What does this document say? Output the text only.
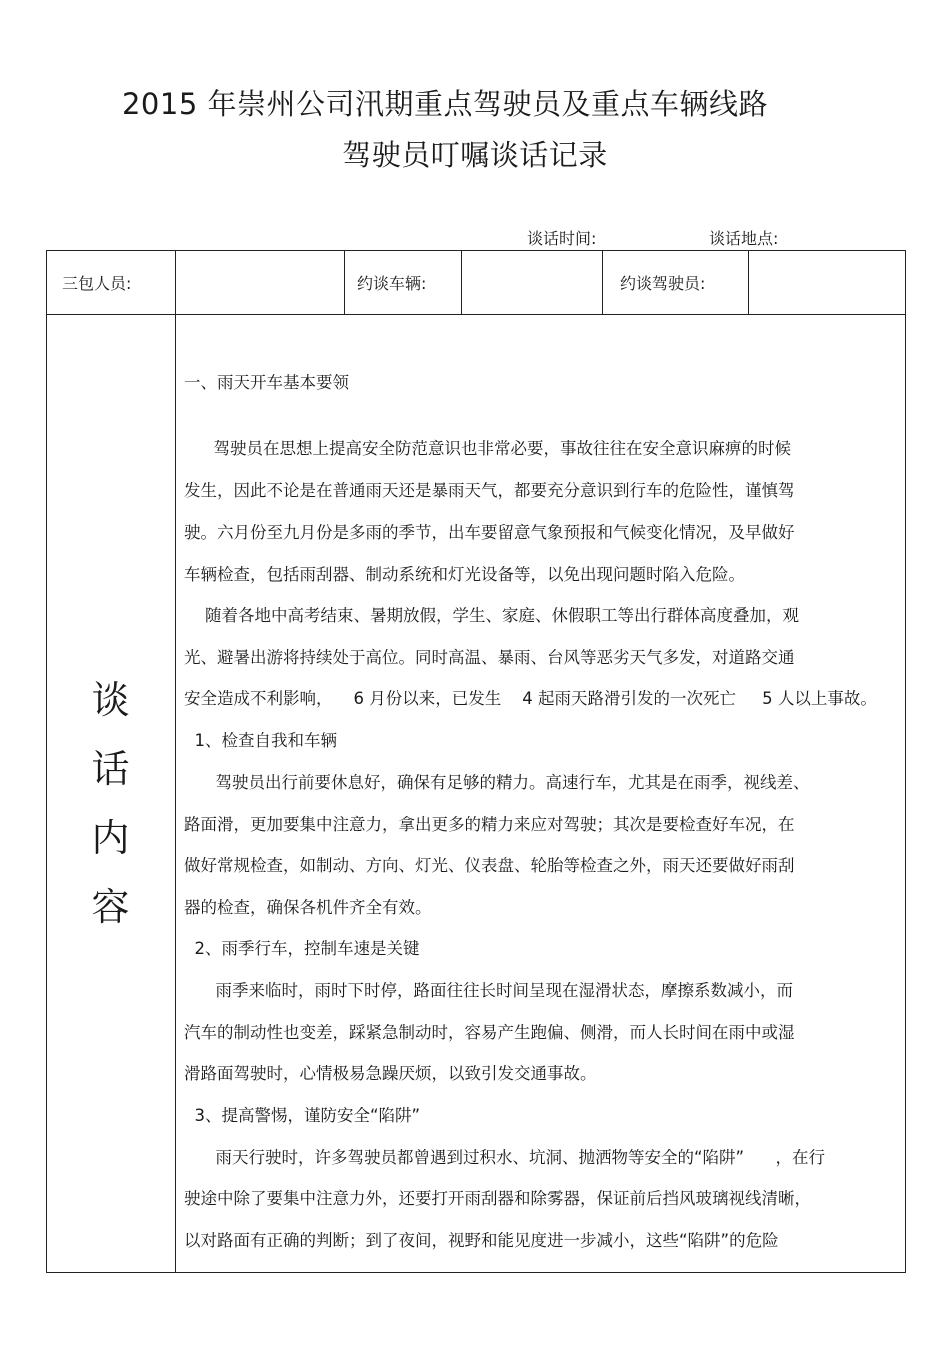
2015 年崇州公司汛期重点驾驶员及重点车辆线路
驾驶员叮嘱谈话记录
谈话时间:	谈话地点:
三包人员:	约谈车辆:	约谈驾驶员:
谈
话
内
容
一、雨天开车基本要领
驾驶员在思想上提高安全防范意识也非常必要，事故往往在安全意识麻痹的时候
发生，因此不论是在普通雨天还是暴雨天气，都要充分意识到行车的危险性，谨慎驾
驶。六月份至九月份是多雨的季节，出车要留意气象预报和气候变化情况，及早做好
车辆检查，包括雨刮器、制动系统和灯光设备等，以免出现问题时陷入危险。
随着各地中高考结束、暑期放假，学生、家庭、休假职工等出行群体高度叠加，观
光、避暑出游将持续处于高位。同时高温、暴雨、台风等恶劣天气多发，对道路交通
安全造成不利影响，    6 月份以来，已发生    4 起雨天路滑引发的一次死亡     5 人以上事故。
1、检查自我和车辆
驾驶员出行前要休息好，确保有足够的精力。高速行车，尤其是在雨季，视线差、
路面滑，更加要集中注意力，拿出更多的精力来应对驾驶；其次是要检查好车况，在
做好常规检查，如制动、方向、灯光、仪表盘、轮胎等检查之外，雨天还要做好雨刮
器的检查，确保各机件齐全有效。
2、雨季行车，控制车速是关键
雨季来临时，雨时下时停，路面往往长时间呈现在湿滑状态，摩擦系数减小，而
汽车的制动性也变差，踩紧急制动时，容易产生跑偏、侧滑，而人长时间在雨中或湿
滑路面驾驶时，心情极易急躁厌烦，以致引发交通事故。
3、提高警惕，谨防安全“陷阱”
雨天行驶时，许多驾驶员都曾遇到过积水、坑洞、抛洒物等安全的“陷阱”      ，在行
驶途中除了要集中注意力外，还要打开雨刮器和除雾器，保证前后挡风玻璃视线清晰，
以对路面有正确的判断；到了夜间，视野和能见度进一步减小，这些“陷阱”的危险
